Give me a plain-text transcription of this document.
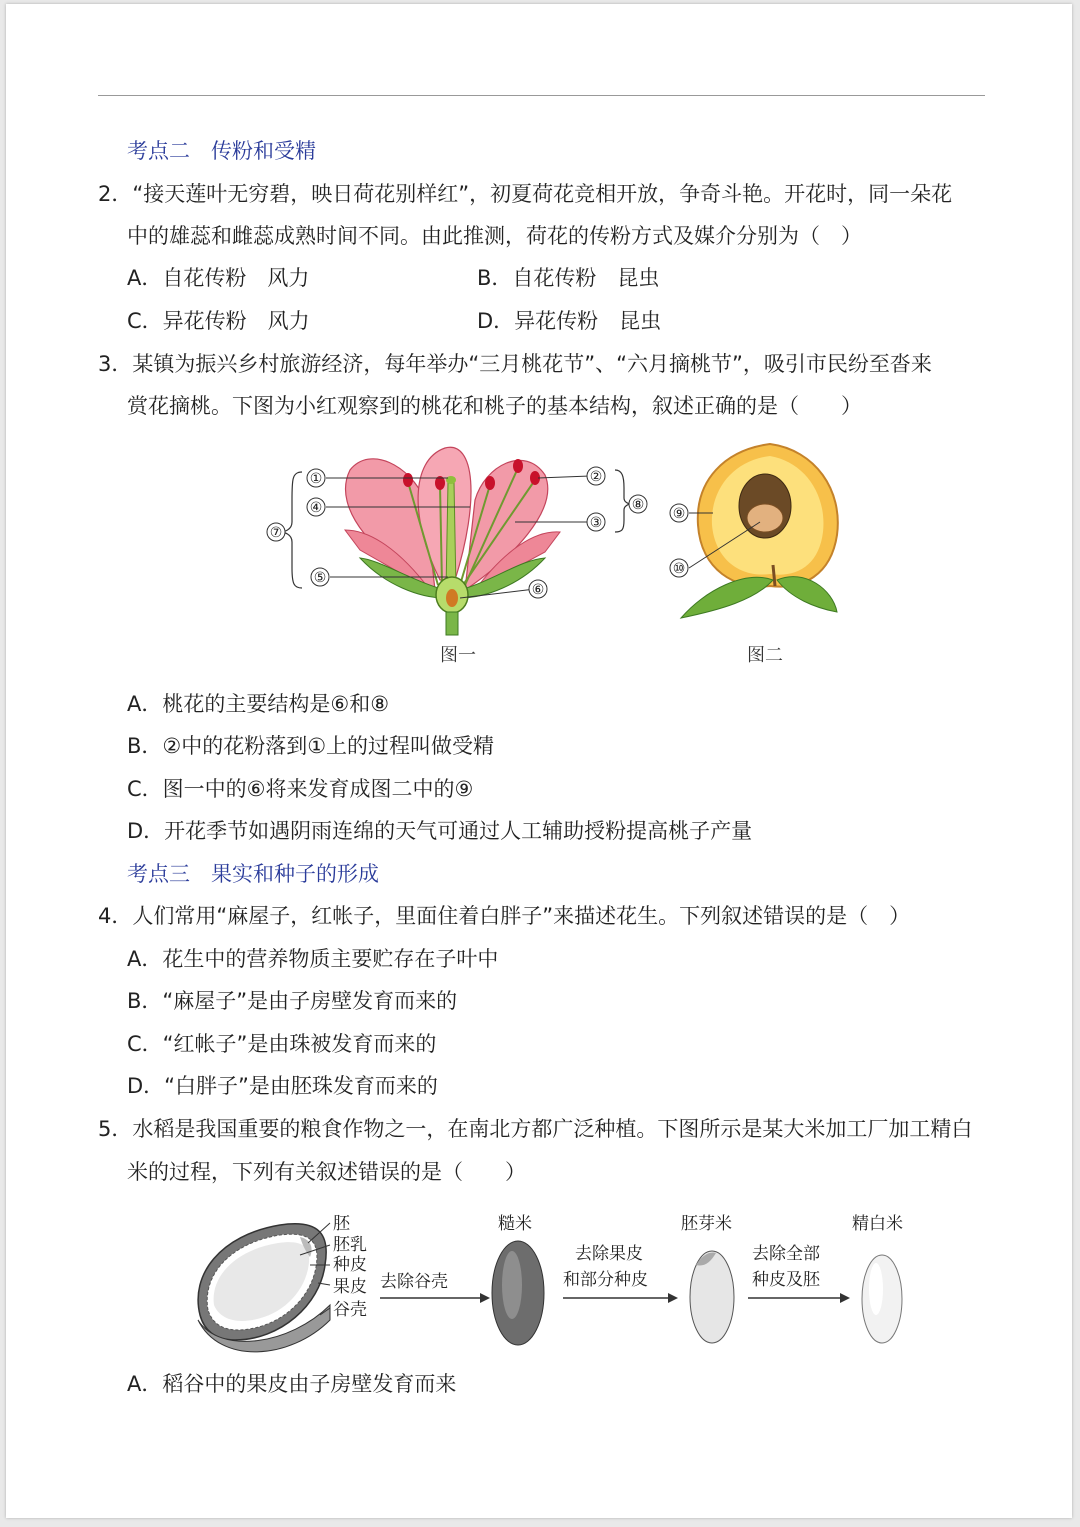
考点二　传粉和受精
2．“接天莲叶无穷碧，映日荷花别样红”，初夏荷花竞相开放，争奇斗艳。开花时，同一朵花
中的雄蕊和雌蕊成熟时间不同。由此推测，荷花的传粉方式及媒介分别为（　）
A．自花传粉　风力	B．自花传粉　昆虫
C．异花传粉　风力	D．异花传粉　昆虫
3．某镇为振兴乡村旅游经济，每年举办“三月桃花节”、“六月摘桃节”，吸引市民纷至沓来
赏花摘桃。下图为小红观察到的桃花和桃子的基本结构，叙述正确的是（　　）
①	②
③
④
⑤
⑥
⑦
⑧
图一
⑨
⑩
图二
A．桃花的主要结构是⑥和⑧
B．②中的花粉落到①上的过程叫做受精
C．图一中的⑥将来发育成图二中的⑨
D．开花季节如遇阴雨连绵的天气可通过人工辅助授粉提高桃子产量
考点三　果实和种子的形成
4．人们常用“麻屋子，红帐子，里面住着白胖子”来描述花生。下列叙述错误的是（　）
A．花生中的营养物质主要贮存在子叶中
B．“麻屋子”是由子房壁发育而来的
C．“红帐子”是由珠被发育而来的
D．“白胖子”是由胚珠发育而来的
5．水稻是我国重要的粮食作物之一，在南北方都广泛种植。下图所示是某大米加工厂加工精白
米的过程，下列有关叙述错误的是（　　）
胚
胚乳
种皮
果皮
谷壳
去除谷壳
糙米
去除果皮
和部分种皮
胚芽米
去除全部
种皮及胚
精白米
A．稻谷中的果皮由子房壁发育而来
